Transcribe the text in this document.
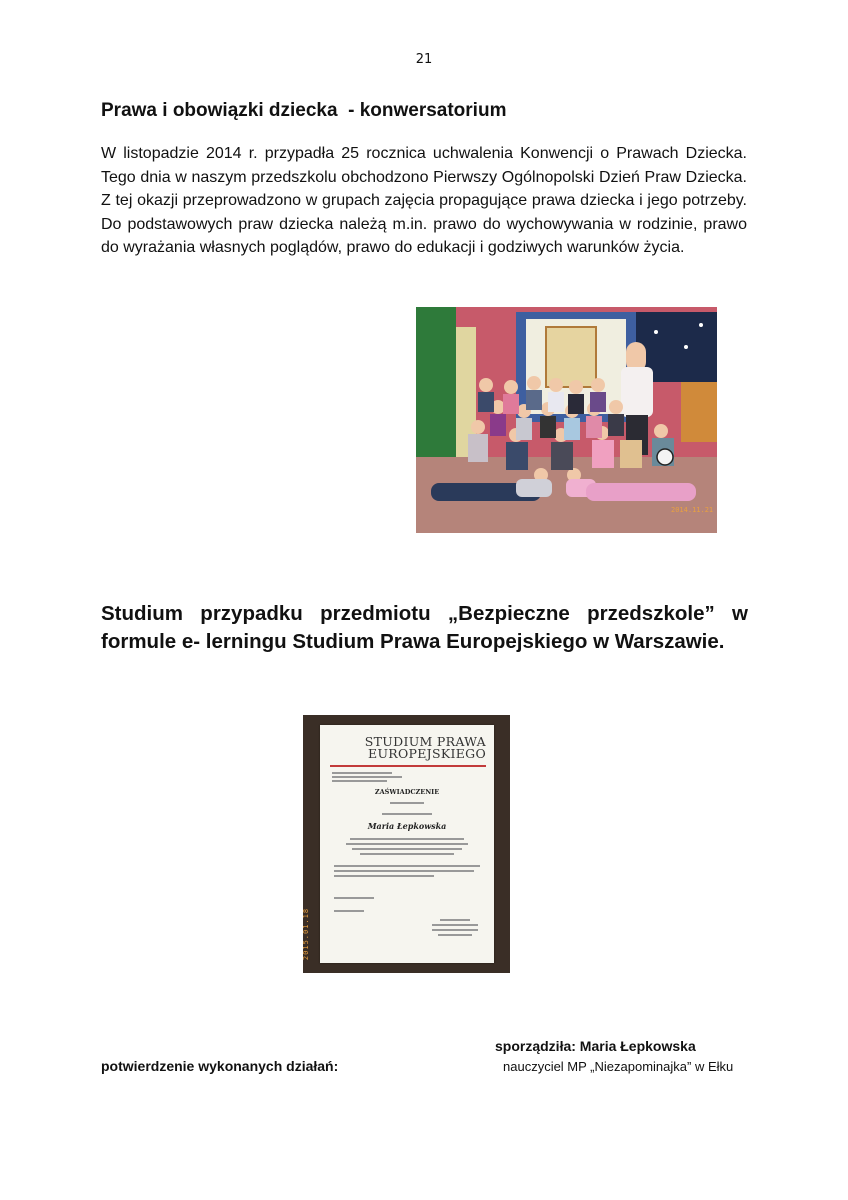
21
Prawa i obowiązki dziecka  - konwersatorium

W listopadzie 2014 r. przypadła 25 rocznica uchwalenia Konwencji o Prawach Dziecka. Tego dnia w naszym przedszkolu obchodzono Pierwszy Ogólnopolski Dzień Praw Dziecka. Z tej okazji przeprowadzono w grupach zajęcia propagujące prawa dziecka i jego potrzeby. Do podstawowych praw dziecka należą m.in. prawo do wychowywania w rodzinie, prawo do wyrażania własnych poglądów, prawo do edukacji i godziwych warunków życia.

2014.11.21
Studium przypadku przedmiotu „Bezpieczne przedszkole” w formule e- lerningu Studium Prawa Europejskiego w Warszawie.
STUDIUM PRAWA
EUROPEJSKIEGO
ZAŚWIADCZENIE
Maria Łepkowska
2015.01.18
sporządziła: Maria Łepkowska
potwierdzenie wykonanych działań:	nauczyciel MP „Niezapominajka” w Ełku
